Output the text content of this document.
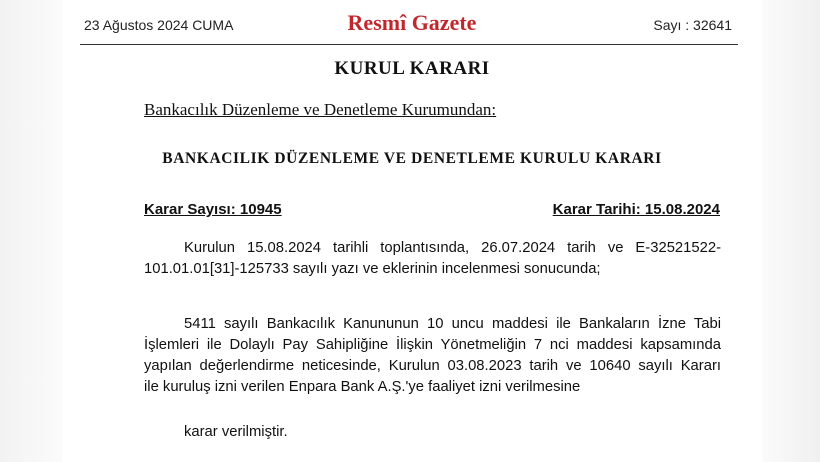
23 Ağustos 2024 CUMA	Resmî Gazete	Sayı : 32641
KURUL KARARI
Bankacılık Düzenleme ve Denetleme Kurumundan:
BANKACILIK DÜZENLEME VE DENETLEME KURULU KARARI
Karar Sayısı: 10945	Karar Tarihi: 15.08.2024
Kurulun 15.08.2024 tarihli toplantısında, 26.07.2024 tarih ve E-32521522-
101.01.01[31]-125733 sayılı yazı ve eklerinin incelenmesi sonucunda;
5411 sayılı Bankacılık Kanununun 10 uncu maddesi ile Bankaların İzne Tabi
İşlemleri ile Dolaylı Pay Sahipliğine İlişkin Yönetmeliğin 7 nci maddesi kapsamında
yapılan değerlendirme neticesinde, Kurulun 03.08.2023 tarih ve 10640 sayılı Kararı
ile kuruluş izni verilen Enpara Bank A.Ş.'ye faaliyet izni verilmesine
karar verilmiştir.
